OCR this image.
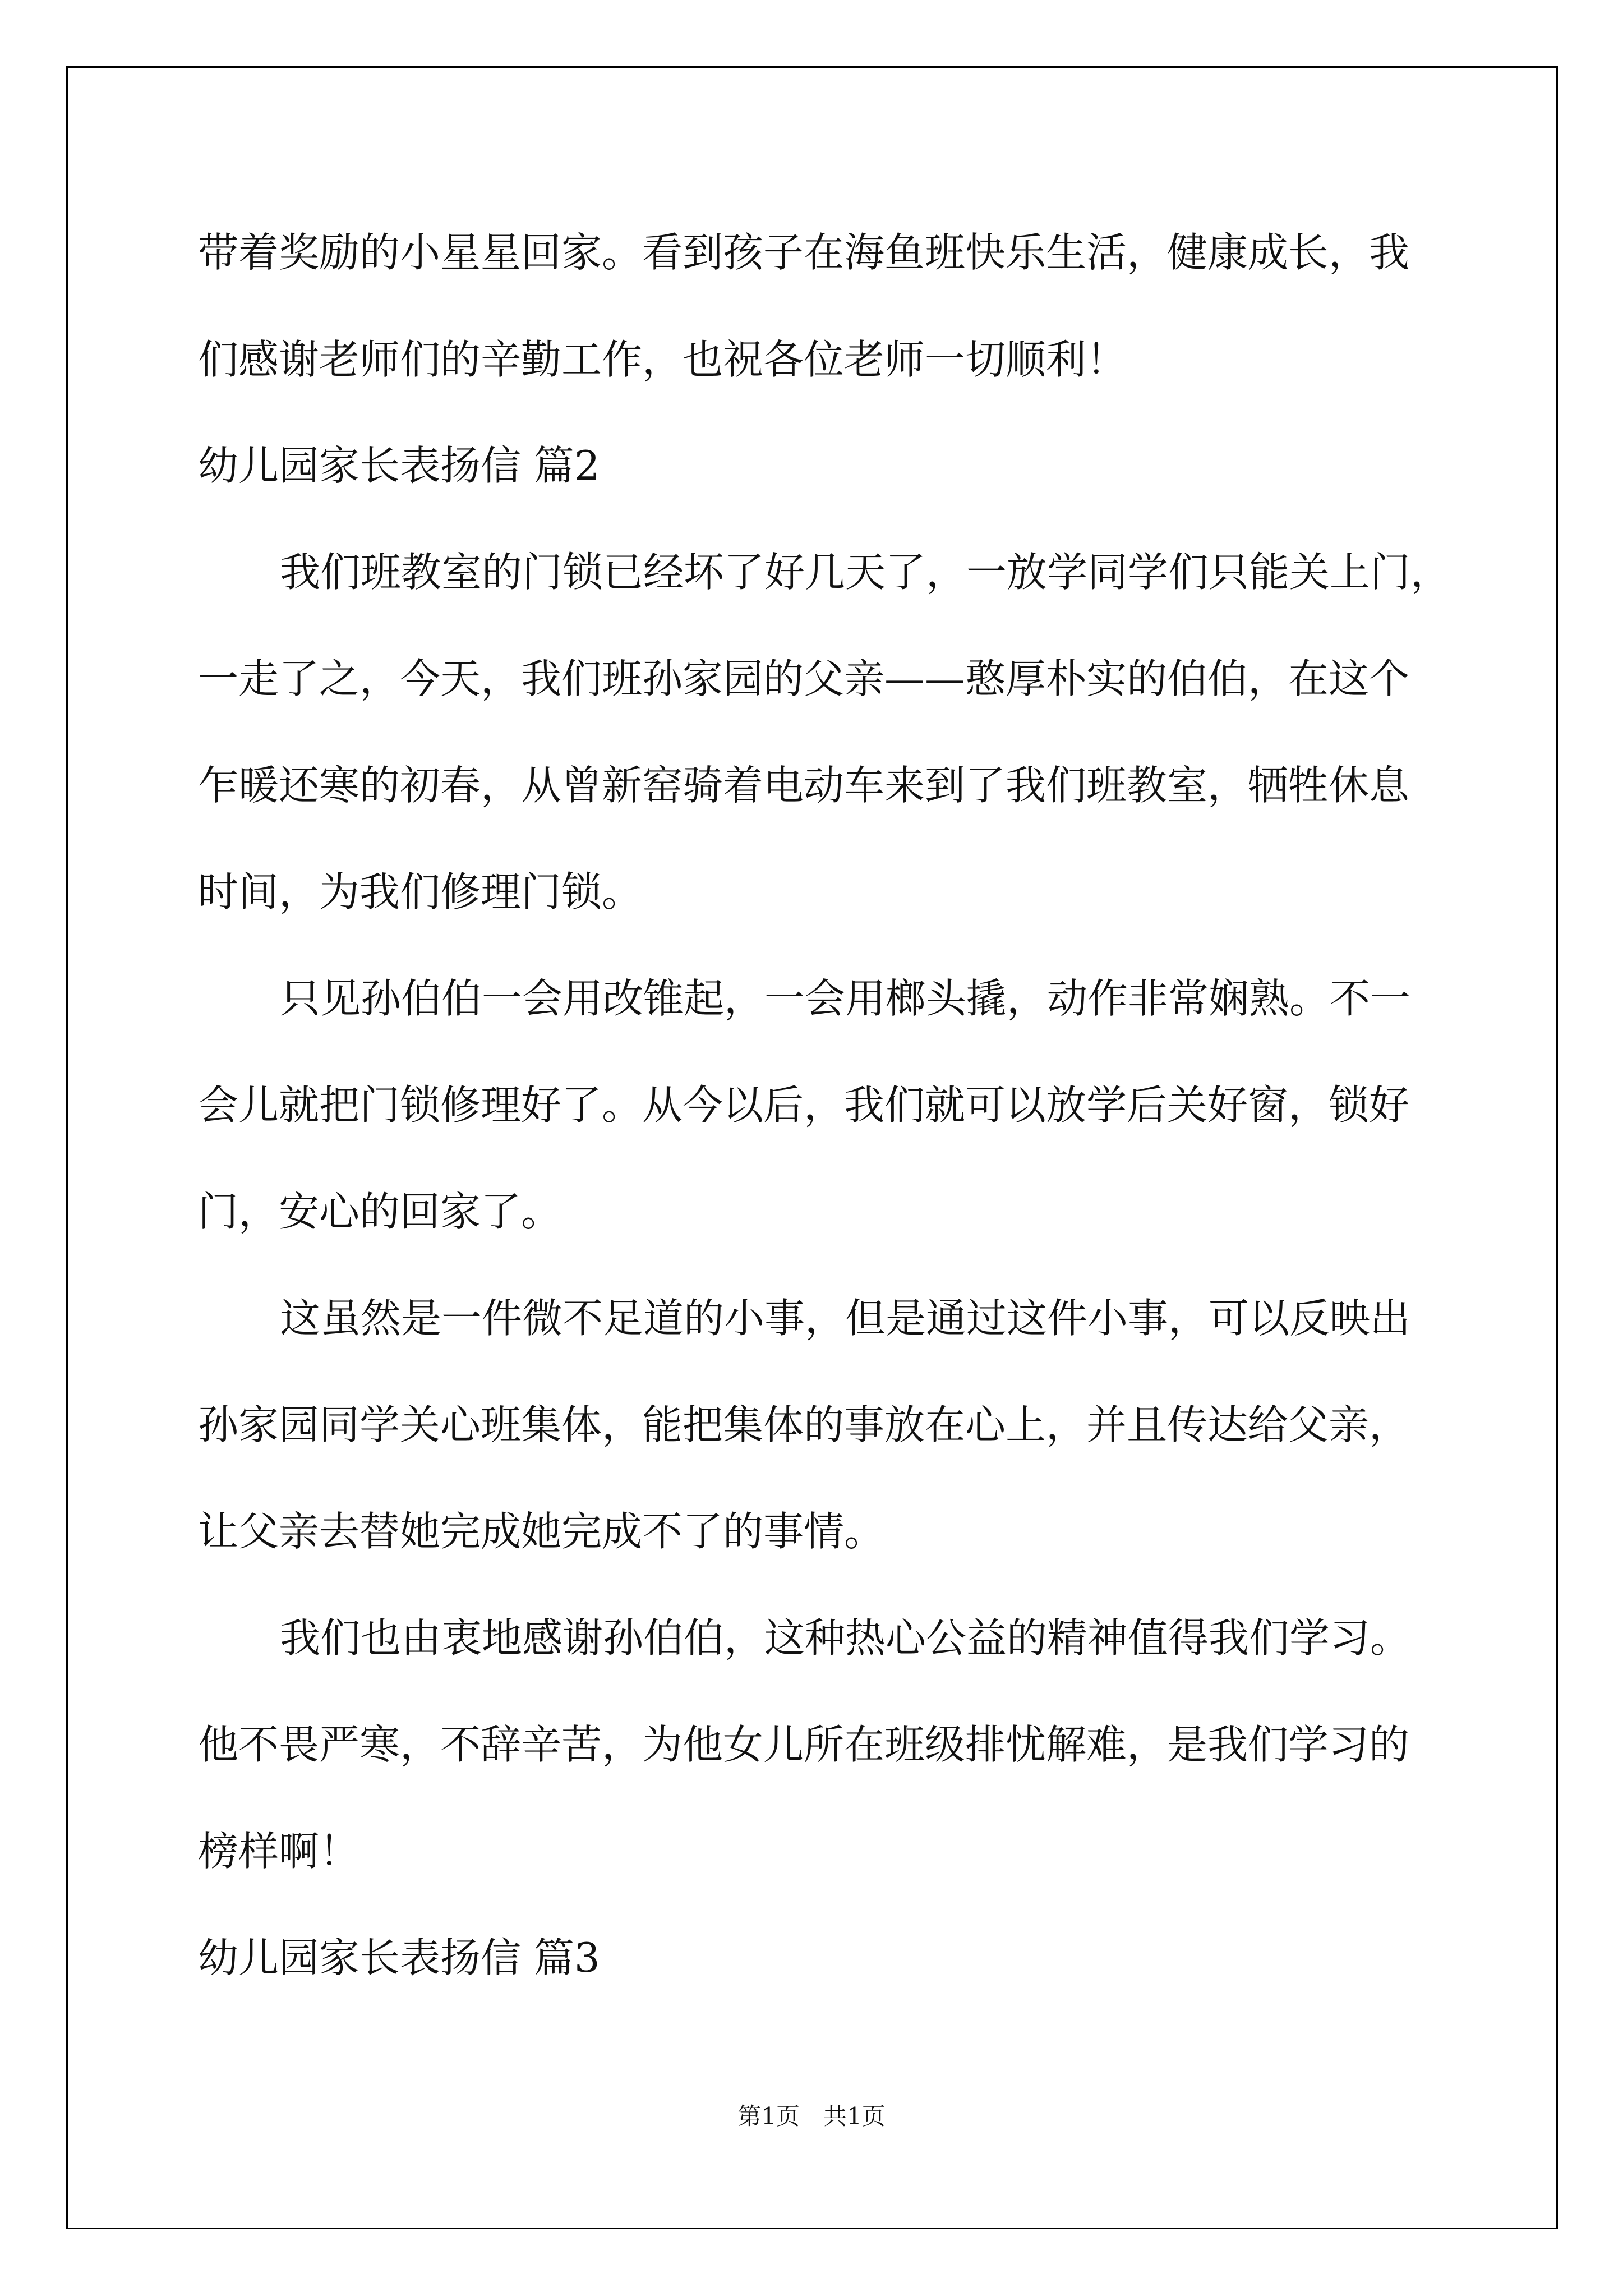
带着奖励的小星星回家。看到孩子在海鱼班快乐生活，健康成长，我
们感谢老师们的辛勤工作，也祝各位老师一切顺利！
幼儿园家长表扬信 篇2
我们班教室的门锁已经坏了好几天了，一放学同学们只能关上门，
一走了之，今天，我们班孙家园的父亲——憨厚朴实的伯伯，在这个
乍暖还寒的初春，从曾新窑骑着电动车来到了我们班教室，牺牲休息
时间，为我们修理门锁。
只见孙伯伯一会用改锥起，一会用榔头撬，动作非常娴熟。不一
会儿就把门锁修理好了。从今以后，我们就可以放学后关好窗，锁好
门，安心的回家了。
这虽然是一件微不足道的小事，但是通过这件小事，可以反映出
孙家园同学关心班集体，能把集体的事放在心上，并且传达给父亲，
让父亲去替她完成她完成不了的事情。
我们也由衷地感谢孙伯伯，这种热心公益的精神值得我们学习。
他不畏严寒，不辞辛苦，为他女儿所在班级排忧解难，是我们学习的
榜样啊！
幼儿园家长表扬信 篇3
第1页　共1页
